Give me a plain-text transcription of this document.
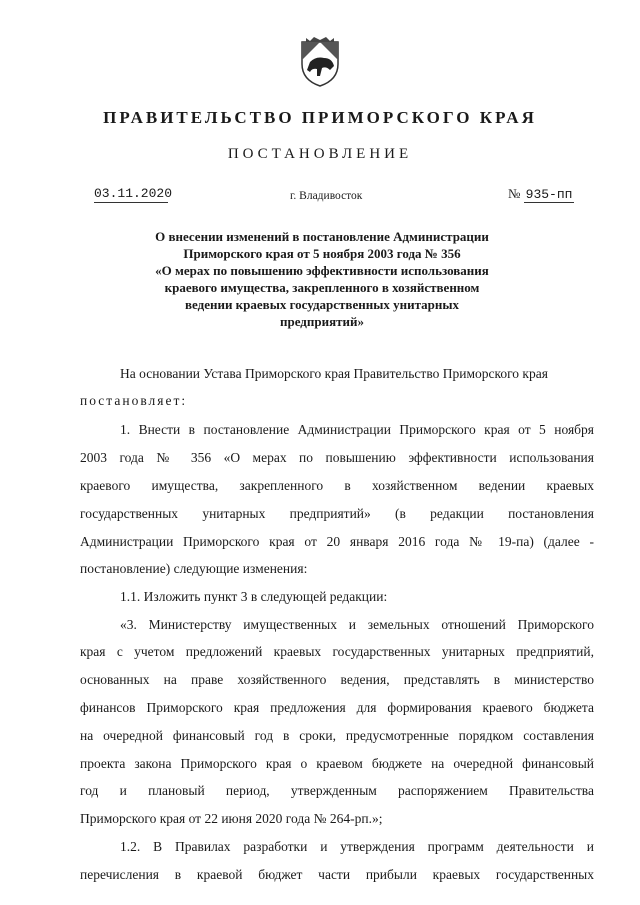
ПРАВИТЕЛЬСТВО ПРИМОРСКОГО КРАЯ
ПОСТАНОВЛЕНИЕ
03.11.2020	г. Владивосток	№ 935-пп
О внесении изменений в постановление Администрации
Приморского края от 5 ноября 2003 года № 356
«О мерах по повышению эффективности использования
краевого имущества, закрепленного в хозяйственном
ведении краевых государственных унитарных
предприятий»
На основании Устава Приморского края Правительство Приморского края
постановляет:
1. Внести в постановление Администрации Приморского края от 5 ноября
2003 года № 356 «О мерах по повышению эффективности использования
краевого имущества, закрепленного в хозяйственном ведении краевых
государственных унитарных предприятий» (в редакции постановления
Администрации Приморского края от 20 января 2016 года № 19-па) (далее -
постановление) следующие изменения:
1.1. Изложить пункт 3 в следующей редакции:
«3. Министерству имущественных и земельных отношений Приморского
края с учетом предложений краевых государственных унитарных предприятий,
основанных на праве хозяйственного ведения, представлять в министерство
финансов Приморского края предложения для формирования краевого бюджета
на очередной финансовый год в сроки, предусмотренные порядком составления
проекта закона Приморского края о краевом бюджете на очередной финансовый
год и плановый период, утвержденным распоряжением Правительства
Приморского края от 22 июня 2020 года № 264-рп.»;
1.2. В Правилах разработки и утверждения программ деятельности и
перечисления в краевой бюджет части прибыли краевых государственных
